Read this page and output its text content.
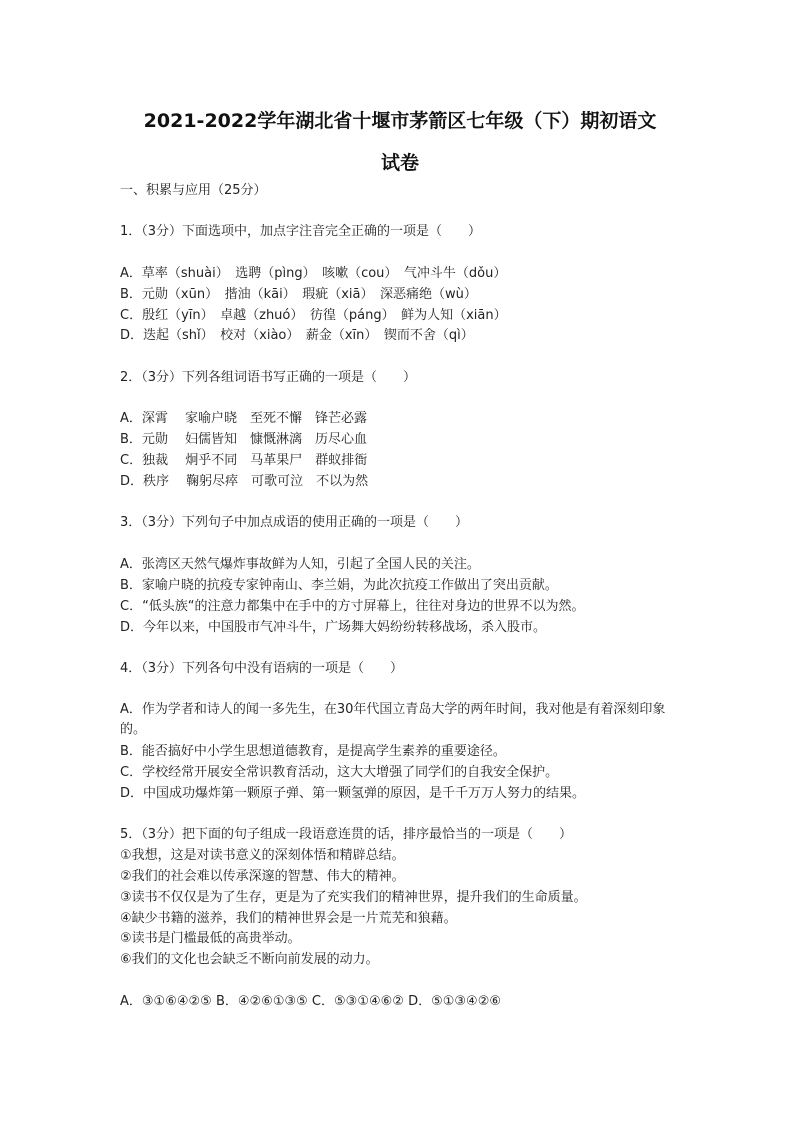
2021-2022学年湖北省十堰市茅箭区七年级（下）期初语文
试卷
一、积累与应用（25分）
1．（3分）下面选项中，加点字注音完全正确的一项是（　　）
A．草率（shuài）　选聘（pìng）　咳嗽（cou）　气冲斗牛（dǒu）
B．元勋（xūn）　揩油（kāi）　瑕疵（xiā）　深恶痛绝（wù）
C．殷红（yīn）　卓越（zhuó）　彷徨（páng）　鲜为人知（xiān）
D．迭起（shǐ）　校对（xiào）　薪金（xīn）　锲而不舍（qì）
2．（3分）下列各组词语书写正确的一项是（　　）
A．深霄　 家喻户晓　至死不懈　锋芒必露
B．元勋　 妇儒皆知　慷慨淋漓　历尽心血
C．独裁　 炯乎不同　马革果尸　群蚁排衙
D．秩序　 鞠躬尽瘁　可歌可泣　不以为然
3．（3分）下列句子中加点成语的使用正确的一项是（　　）
A．张湾区天然气爆炸事故鲜为人知，引起了全国人民的关注。
B．家喻户晓的抗疫专家钟南山、李兰娟，为此次抗疫工作做出了突出贡献。
C．“低头族“的注意力都集中在手中的方寸屏幕上，往往对身边的世界不以为然。
D．今年以来，中国股市气冲斗牛，广场舞大妈纷纷转移战场，杀入股市。
4．（3分）下列各句中没有语病的一项是（　　）
A．作为学者和诗人的闻一多先生，在30年代国立青岛大学的两年时间，我对他是有着深刻印象的。
B．能否搞好中小学生思想道德教育，是提高学生素养的重要途径。
C．学校经常开展安全常识教育活动，这大大增强了同学们的自我安全保护。
D．中国成功爆炸第一颗原子弹、第一颗氢弹的原因，是千千万万人努力的结果。
5．（3分）把下面的句子组成一段语意连贯的话，排序最恰当的一项是（　　）
①我想，这是对读书意义的深刻体悟和精辟总结。
②我们的社会难以传承深邃的智慧、伟大的精神。
③读书不仅仅是为了生存，更是为了充实我们的精神世界，提升我们的生命质量。
④缺少书籍的滋养，我们的精神世界会是一片荒芜和狼藉。
⑤读书是门槛最低的高贵举动。
⑥我们的文化也会缺乏不断向前发展的动力。
A．③①⑥④②⑤ B．④②⑥①③⑤ C．⑤③①④⑥② D．⑤①③④②⑥
